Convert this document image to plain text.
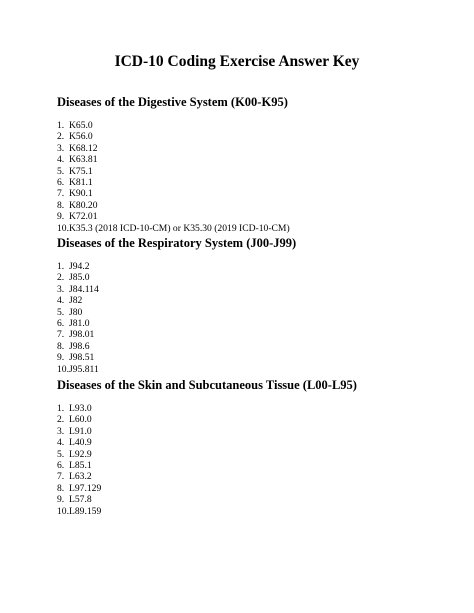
ICD-10 Coding Exercise Answer Key
Diseases of the Digestive System (K00-K95)
1. K65.0
2. K56.0
3. K68.12
4. K63.81
5. K75.1
6. K81.1
7. K90.1
8. K80.20
9. K72.01
10.K35.3 (2018 ICD-10-CM) or K35.30 (2019 ICD-10-CM)
Diseases of the Respiratory System (J00-J99)
1. J94.2
2. J85.0
3. J84.114
4. J82
5. J80
6. J81.0
7. J98.01
8. J98.6
9. J98.51
10.J95.811
Diseases of the Skin and Subcutaneous Tissue (L00-L95)
1. L93.0
2. L60.0
3. L91.0
4. L40.9
5. L92.9
6. L85.1
7. L63.2
8. L97.129
9. L57.8
10.L89.159
